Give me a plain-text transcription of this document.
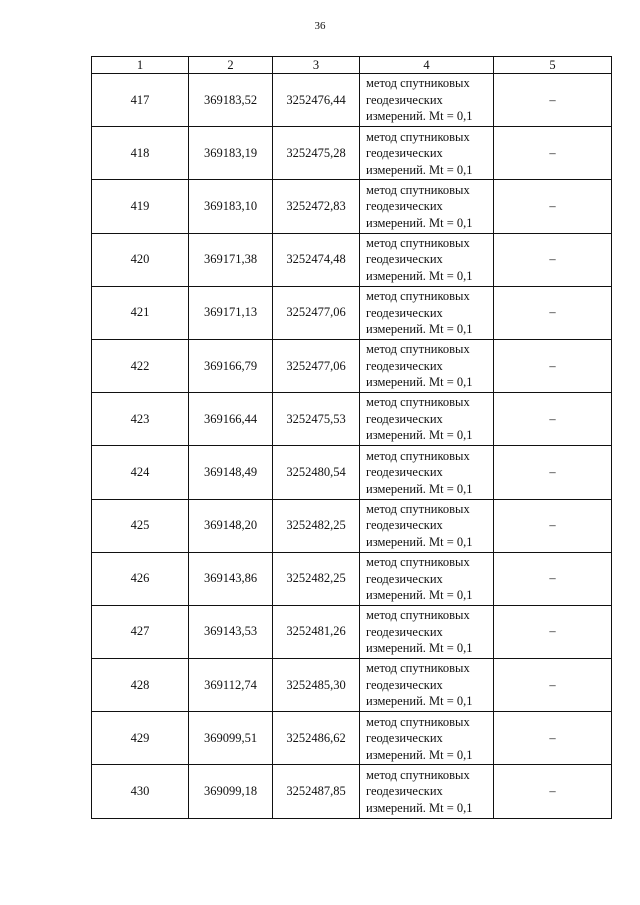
36
1	2	3	4	5
417	369183,52	3252476,44	метод спутниковых
геодезических
измерений. Mt = 0,1	–
418	369183,19	3252475,28	метод спутниковых
геодезических
измерений. Mt = 0,1	–
419	369183,10	3252472,83	метод спутниковых
геодезических
измерений. Mt = 0,1	–
420	369171,38	3252474,48	метод спутниковых
геодезических
измерений. Mt = 0,1	–
421	369171,13	3252477,06	метод спутниковых
геодезических
измерений. Mt = 0,1	–
422	369166,79	3252477,06	метод спутниковых
геодезических
измерений. Mt = 0,1	–
423	369166,44	3252475,53	метод спутниковых
геодезических
измерений. Mt = 0,1	–
424	369148,49	3252480,54	метод спутниковых
геодезических
измерений. Mt = 0,1	–
425	369148,20	3252482,25	метод спутниковых
геодезических
измерений. Mt = 0,1	–
426	369143,86	3252482,25	метод спутниковых
геодезических
измерений. Mt = 0,1	–
427	369143,53	3252481,26	метод спутниковых
геодезических
измерений. Mt = 0,1	–
428	369112,74	3252485,30	метод спутниковых
геодезических
измерений. Mt = 0,1	–
429	369099,51	3252486,62	метод спутниковых
геодезических
измерений. Mt = 0,1	–
430	369099,18	3252487,85	метод спутниковых
геодезических
измерений. Mt = 0,1	–
